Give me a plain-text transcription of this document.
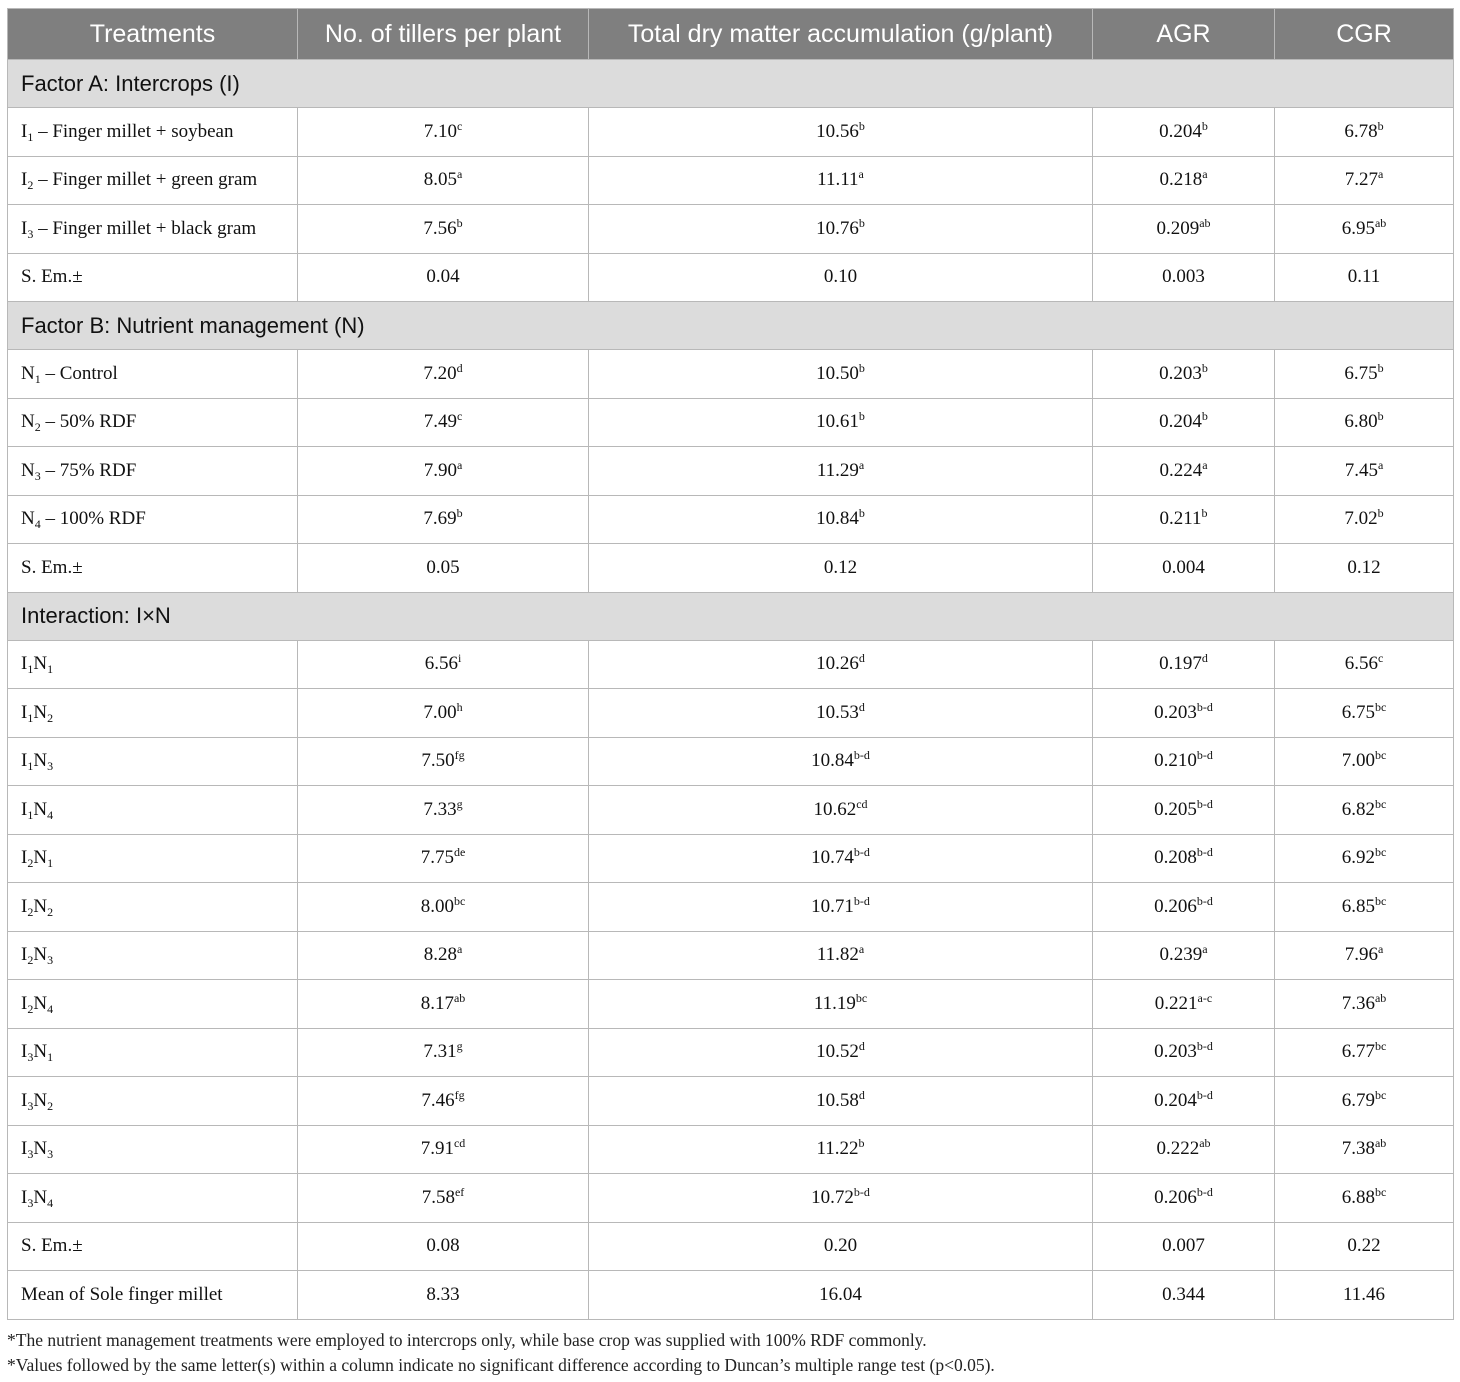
Treatments	No. of tillers per plant	Total dry matter accumulation (g/plant)	AGR	CGR
Factor A: Intercrops (I)				
$I_1$ – Finger millet + soybean	7.10$^c$	10.56$^b$	0.204$^b$	6.78$^b$
$I_2$ – Finger millet + green gram	8.05$^a$	11.11$^a$	0.218$^a$	7.27$^a$
$I_3$ – Finger millet + black gram	7.56$^b$	10.76$^b$	0.209$^{ab}$	6.95$^{ab}$
S. Em.±	0.04	0.10	0.003	0.11
Factor B: Nutrient management (N)				
$N_1$ – Control	7.20$^d$	10.50$^b$	0.203$^b$	6.75$^b$
$N_2 - 50\%$ RDF	7.49$^c$	10.61$^b$	0.204$^b$	6.80$^b$
$N_3 - 75\%$ RDF	7.90$^a$	11.29$^a$	0.224$^a$	7.45$^a$
$N_4 - 100\%$ RDF	7.69$^b$	10.84$^b$	0.211$^b$	7.02$^b$
S. Em.±	0.05	0.12	0.004	0.12
Interaction: I×N				
$I_1N_1$	6.56$^i$	10.26$^d$	0.197$^d$	6.56$^c$
$I_1N_2$	7.00$^h$	10.53$^d$	0.203$^{b-d}$	6.75$^{bc}$
$I_1N_3$	7.50$^{fg}$	10.84$^{b-d}$	0.210$^{b-d}$	7.00$^{bc}$
$I_1N_4$	7.33$^g$	10.62$^{cd}$	0.205$^{b-d}$	6.82$^{bc}$
$I_2N_1$	7.75de	10.74$^{b-d}$	0.208$^{b-d}$	6.92$^{bc}$
$I_2N_2$	8.00$^{bc}$	10.71$^{b-d}$	0.206$^{b-d}$	6.85$^{bc}$
$I_2N_3$	8.28$^a$	11.82$^a$	0.239$^a$	7.96$^a$
$I_2N_4$	8.17$^{ab}$	11.19$^{bc}$	0.221$^{a-c}$	7.36$^{ab}$
$I_3N_1$	7.31$^g$	10.52$^d$	0.203$^{b-d}$	6.77$^{bc}$
$I_3N_2$	7.46$^{fg}$	10.58$^d$	0.204$^{b-d}$	6.79$^{bc}$
$I_3N_3$	7.91$^{cd}$	11.22$^b$	0.222$^{ab}$	7.38$^{ab}$
$I_3N_4$	7.58$^{ef}$	10.72$^{b-d}$	0.206$^{b-d}$	6.88$^{bc}$
S. Em.±	0.08	0.20	0.007	0.22
Mean of Sole finger millet	8.33	16.04	0.344	11.46

*The nutrient management treatments were employed to intercrops only, while base crop was supplied with 100% RDF commonly.

*Values followed by the same letter(s) within a column indicate no significant difference according to Duncan’s multiple range test (p<0.05).
